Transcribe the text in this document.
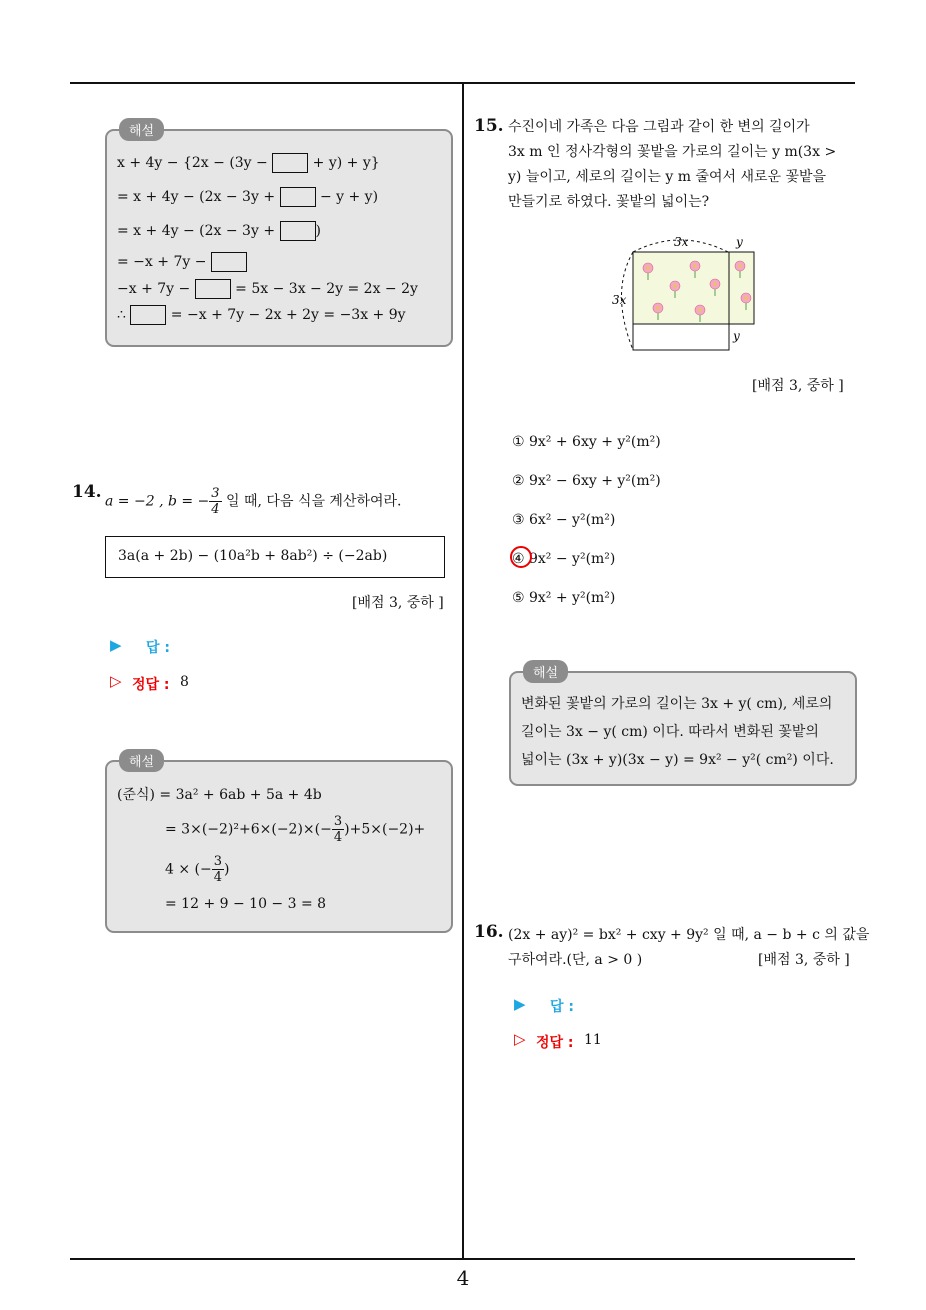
4
해설
x + 4y − {2x − (3y −	+ y) + y}
= x + 4y − (2x − 3y +	− y + y)
= x + 4y − (2x − 3y +	)
= −x + 7y −
−x + 7y −	= 5x − 3x − 2y = 2x − 2y
∴	= −x + 7y − 2x + 2y = −3x + 9y
14. a = −2 , b = − $\frac{3}{4}$ 일 때, 다음 식을 계산하여라.
3a(a + 2b) − (10a²b + 8ab²) ÷ (−2ab)
[배점 3, 중하 ]
▶ 답 :
▷ 정답 : 8
해설
(준식) = 3a² + 6ab + 5a + 4b
= $3\times(-2)^2+6\times(-2)\times(- \frac{3}{4} )+5\times(-2)+$
4 × (− $\frac{3}{4}$ )
= 12 + 9 − 10 − 3 = 8
15. 수진이네 가족은 다음 그림과 같이 한 변의 길이가
3x m 인 정사각형의 꽃밭을 가로의 길이는 y m(3x >
y) 늘이고, 세로의 길이는 y m 줄여서 새로운 꽃밭을
만들기로 하였다. 꽃밭의 넓이는?
3x	y
3x
y
[배점 3, 중하 ]
① 9x² + 6xy + y²(m²)
② 9x² − 6xy + y²(m²)
③ 6x² − y²(m²)
④ 9x² − y²(m²)
⑤ 9x² + y²(m²)
해설
변화된 꽃밭의 가로의 길이는 3x + y( cm), 세로의
길이는 3x − y( cm) 이다. 따라서 변화된 꽃밭의
넓이는 (3x + y)(3x − y) = 9x² − y²( cm²) 이다.
16. (2x + ay)² = bx² + cxy + 9y² 일 때, a − b + c 의 값을
구하여라.(단, a > 0 )	[배점 3, 중하 ]
▶ 답 :
▷ 정답 : 11
